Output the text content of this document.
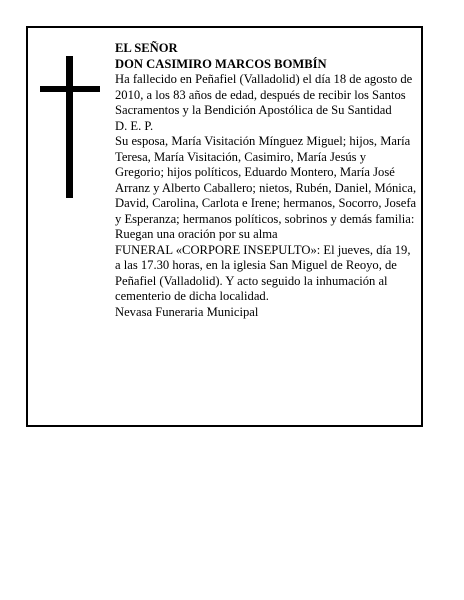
EL SEÑOR

DON CASIMIRO MARCOS BOMBÍN

Ha fallecido en Peñafiel (Valladolid) el día 18 de agosto de 2010, a los 83 años de edad, después de recibir los Santos Sacramentos y la Bendición Apostólica de Su Santidad

D. E. P.

Su esposa, María Visitación Mínguez Miguel; hijos, María Teresa, María Visitación, Casimiro, María Jesús y Gregorio; hijos políticos, Eduardo Montero, María José Arranz y Alberto Caballero; nietos, Rubén, Daniel, Mónica, David, Carolina, Carlota e Irene; hermanos, Socorro, Josefa y Esperanza; hermanos políticos, sobrinos y demás familia:

Ruegan una oración por su alma

FUNERAL «CORPORE INSEPULTO»: El jueves, día 19, a las 17.30 horas, en la iglesia San Miguel de Reoyo, de Peñafiel (Valladolid). Y acto seguido la inhumación al cementerio de dicha localidad.

Nevasa Funeraria Municipal
